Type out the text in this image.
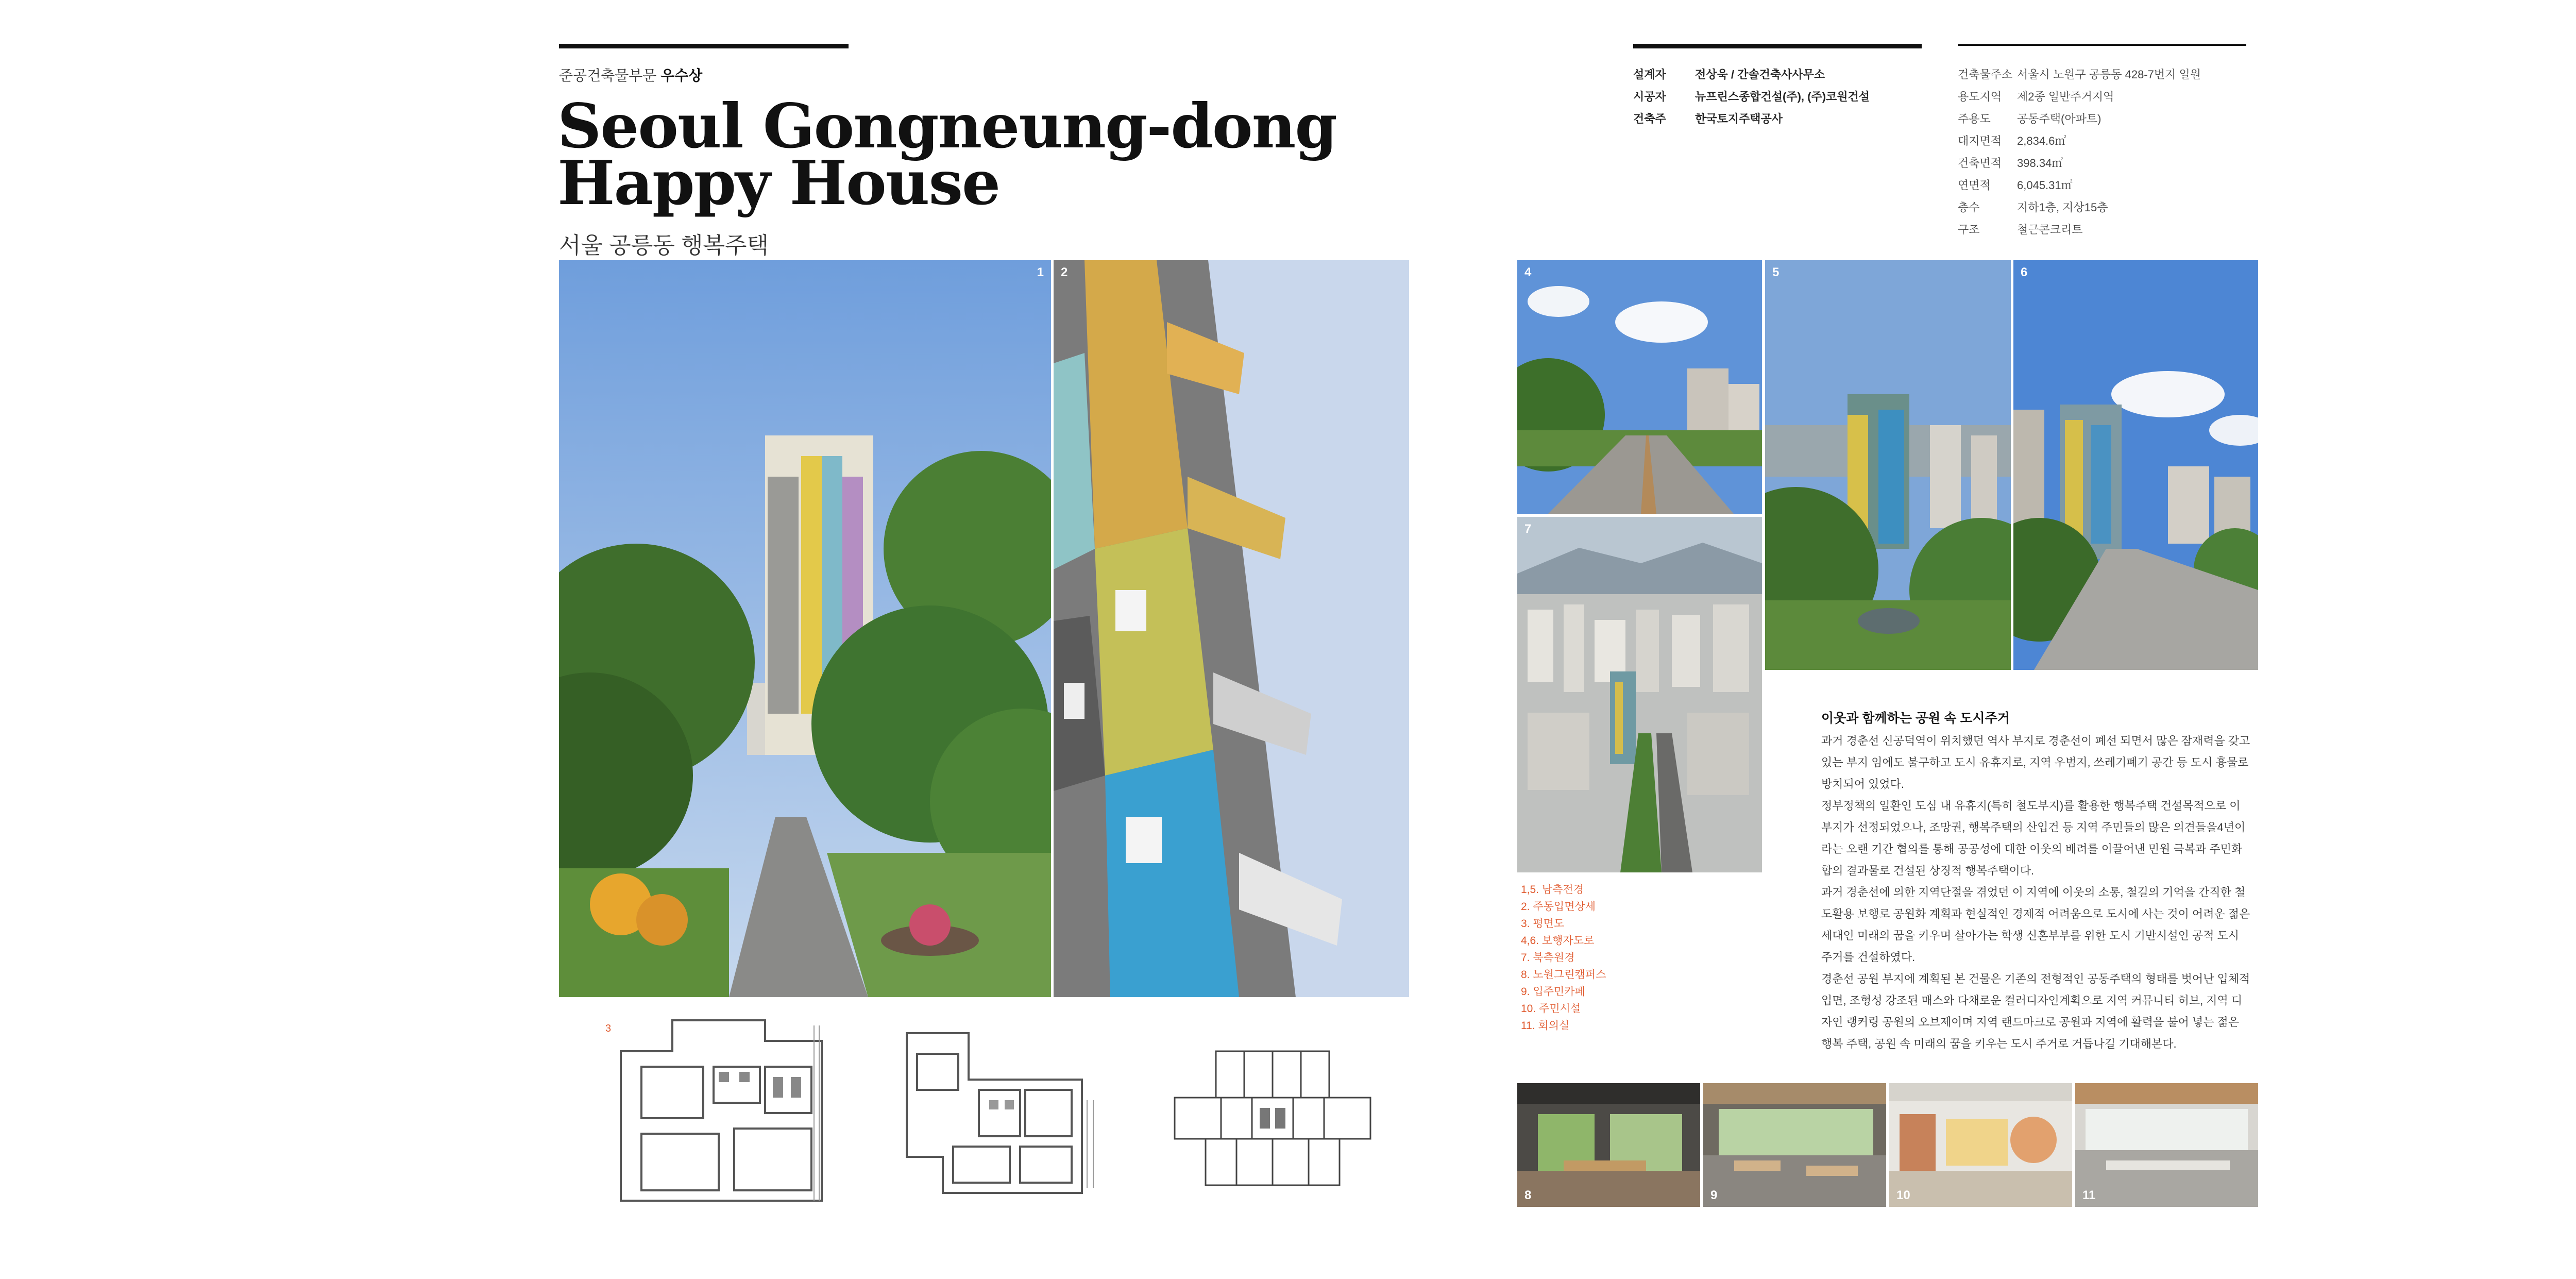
준공건축물부문 우수상
Seoul Gongneung-dong
Happy House
서울 공릉동 행복주택
설계자	전상욱 / 간솔건축사사무소
시공자	뉴프린스종합건설(주), (주)코원건설
건축주	한국토지주택공사
건축물주소 서울시 노원구 공릉동 428-7번지 일원
용도지역	제2종 일반주거지역
주용도	공동주택(아파트)
대지면적	2,834.6㎡
건축면적	398.34㎡
연면적	6,045.31㎡
층수	지하1층, 지상15층
구조	철근콘크리트
1 2	4	5	6
7
1,5. 남측전경
2. 주동입면상세
3. 평면도
4,6. 보행자도로
7. 북측원경
8. 노원그린캠퍼스
9. 입주민카페
10. 주민시설
11. 회의실
이웃과 함께하는 공원 속 도시주거

과거 경춘선 신공덕역이 위치했던 역사 부지로 경춘선이 폐선 되면서 많은 잠재력을 갖고 있는 부지 임에도 불구하고 도시 유휴지로, 지역 우범지, 쓰레기폐기 공간 등 도시 흉물로 방치되어 있었다.

정부정책의 일환인 도심 내 유휴지(특히 철도부지)를 활용한 행복주택 건설목적으로 이 부지가 선정되었으나, 조망권, 행복주택의 산입건 등 지역 주민들의 많은 의견들을4년이라는 오랜 기간 협의를 통해 공공성에 대한 이웃의 배려를 이끌어낸 민원 극복과 주민화합의 결과물로 건설된 상징적 행복주택이다.

과거 경춘선에 의한 지역단절을 겪었던 이 지역에 이웃의 소통, 철길의 기억을 간직한 철도활용 보행로 공원화 계획과 현실적인 경제적 어려움으로 도시에 사는 것이 어려운 젊은 세대인 미래의 꿈을 키우며 살아가는 학생 신혼부부를 위한 도시 기반시설인 공적 도시 주거를 건설하였다.

경춘선 공원 부지에 계획된 본 건물은 기존의 전형적인 공동주택의 형태를 벗어난 입체적 입면, 조형성 강조된 매스와 다채로운 컬러디자인계획으로 지역 커뮤니티 허브, 지역 디자인 랭커링 공원의 오브제이며 지역 랜드마크로 공원과 지역에 활력을 불어 넣는 젊은 행복 주택, 공원 속 미래의 꿈을 키우는 도시 주거로 거듭나길 기대해본다.

8	9	10	11
3
